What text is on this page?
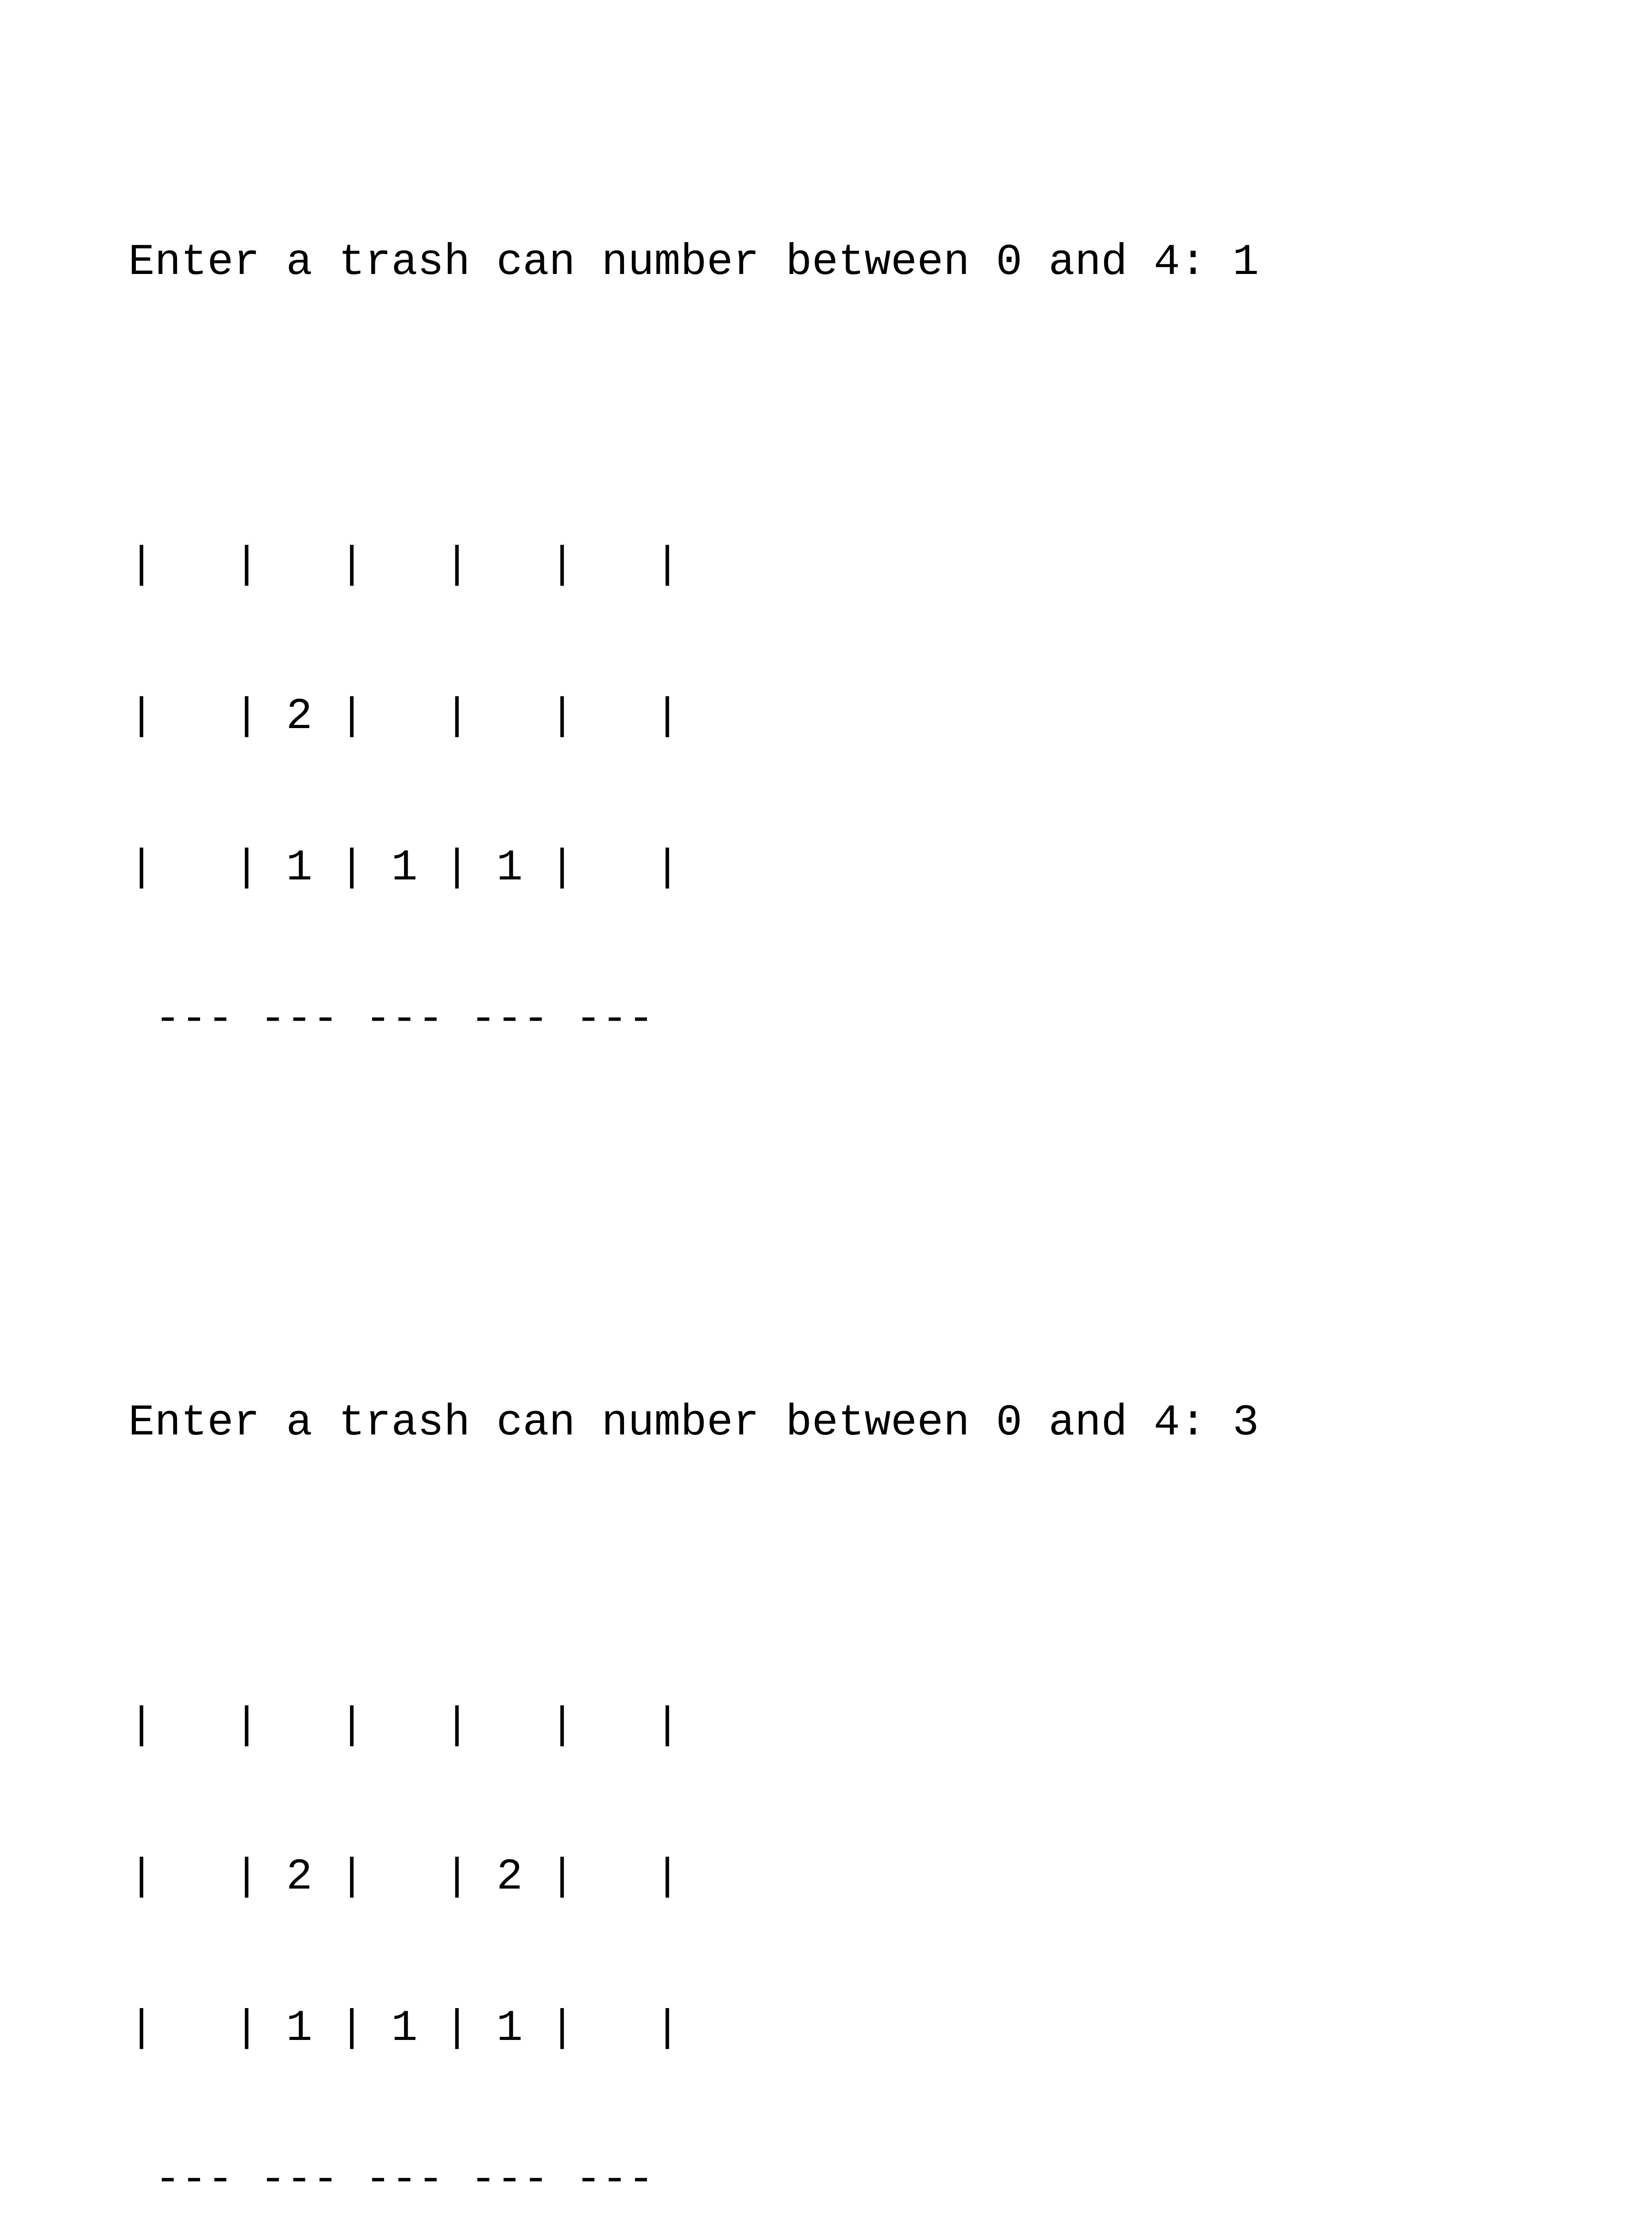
Enter a trash can number between 0 and 4: 1

|   |   |   |   |   |

|   | 2 |   |   |   |

|   | 1 | 1 | 1 |   |

--- --- --- --- ---

Enter a trash can number between 0 and 4: 3

|   |   |   |   |   |

|   | 2 |   | 2 |   |

|   | 1 | 1 | 1 |   |

--- --- --- --- ---
